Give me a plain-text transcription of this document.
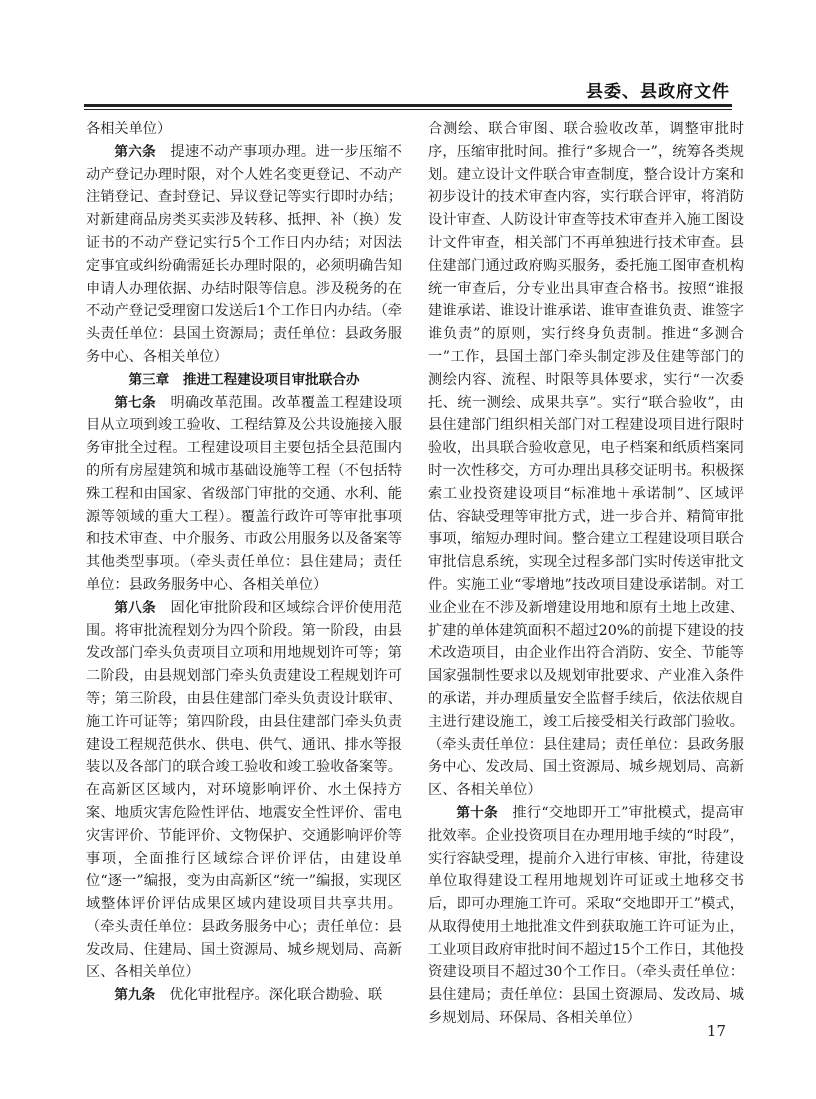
县委、县政府文件

各相关单位）

第六条　 提速不动产事项办理。进一步压缩不动产登记办理时限，对个人姓名变更登记、不动产注销登记、查封登记、异议登记等实行即时办结；对新建商品房类买卖涉及转移、抵押、补（换）发证书的不动产登记实行5个工作日内办结；对因法定事宜或纠纷确需延长办理时限的，必须明确告知申请人办理依据、办结时限等信息。涉及税务的在不动产登记受理窗口发送后1个工作日内办结。（牵头责任单位：县国土资源局；责任单位：县政务服务中心、各相关单位）

第三章　推进工程建设项目审批联合办

第七条　 明确改革范围。改革覆盖工程建设项目从立项到竣工验收、工程结算及公共设施接入服务审批全过程。工程建设项目主要包括全县范围内的所有房屋建筑和城市基础设施等工程（不包括特殊工程和由国家、省级部门审批的交通、水利、能源等领域的重大工程）。覆盖行政许可等审批事项和技术审查、中介服务、市政公用服务以及备案等其他类型事项。（牵头责任单位：县住建局；责任单位：县政务服务中心、各相关单位）

第八条　 固化审批阶段和区域综合评价使用范围。将审批流程划分为四个阶段。第一阶段，由县发改部门牵头负责项目立项和用地规划许可等；第二阶段，由县规划部门牵头负责建设工程规划许可等；第三阶段，由县住建部门牵头负责设计联审、施工许可证等；第四阶段，由县住建部门牵头负责建设工程规范供水、供电、供气、通讯、排水等报装以及各部门的联合竣工验收和竣工验收备案等。在高新区区域内，对环境影响评价、水土保持方案、地质灾害危险性评估、地震安全性评价、雷电灾害评价、节能评价、文物保护、交通影响评价等事项，全面推行区域综合评价评估，由建设单位“逐一”编报，变为由高新区“统一”编报，实现区域整体评价评估成果区域内建设项目共享共用。（牵头责任单位：县政务服务中心；责任单位：县发改局、住建局、国土资源局、城乡规划局、高新区、各相关单位）

第九条　 优化审批程序。深化联合勘验、联

合测绘、联合审图、联合验收改革，调整审批时序，压缩审批时间。推行“多规合一”，统筹各类规划。建立设计文件联合审查制度，整合设计方案和初步设计的技术审查内容，实行联合评审，将消防设计审查、人防设计审查等技术审查并入施工图设计文件审查，相关部门不再单独进行技术审查。县住建部门通过政府购买服务，委托施工图审查机构统一审查后，分专业出具审查合格书。按照“谁报建谁承诺、谁设计谁承诺、谁审查谁负责、谁签字谁负责”的原则，实行终身负责制。推进“多测合一”工作，县国土部门牵头制定涉及住建等部门的测绘内容、流程、时限等具体要求，实行“一次委托、统一测绘、成果共享”。实行“联合验收”，由县住建部门组织相关部门对工程建设项目进行限时验收，出具联合验收意见，电子档案和纸质档案同时一次性移交，方可办理出具移交证明书。积极探索工业投资建设项目“标准地＋承诺制”、区域评估、容缺受理等审批方式，进一步合并、精简审批事项，缩短办理时间。整合建立工程建设项目联合审批信息系统，实现全过程多部门实时传送审批文件。实施工业“零增地”技改项目建设承诺制。对工业企业在不涉及新增建设用地和原有土地上改建、扩建的单体建筑面积不超过20%的前提下建设的技术改造项目，由企业作出符合消防、安全、节能等国家强制性要求以及规划审批要求、产业准入条件的承诺，并办理质量安全监督手续后，依法依规自主进行建设施工，竣工后接受相关行政部门验收。（牵头责任单位：县住建局；责任单位：县政务服务中心、发改局、国土资源局、城乡规划局、高新区、各相关单位）

第十条　 推行“交地即开工”审批模式，提高审批效率。企业投资项目在办理用地手续的“时段”，实行容缺受理，提前介入进行审核、审批，待建设单位取得建设工程用地规划许可证或土地移交书后，即可办理施工许可。采取“交地即开工”模式，从取得使用土地批准文件到获取施工许可证为止，工业项目政府审批时间不超过15个工作日，其他投资建设项目不超过30个工作日。（牵头责任单位：县住建局；责任单位：县国土资源局、发改局、城乡规划局、环保局、各相关单位）

17
